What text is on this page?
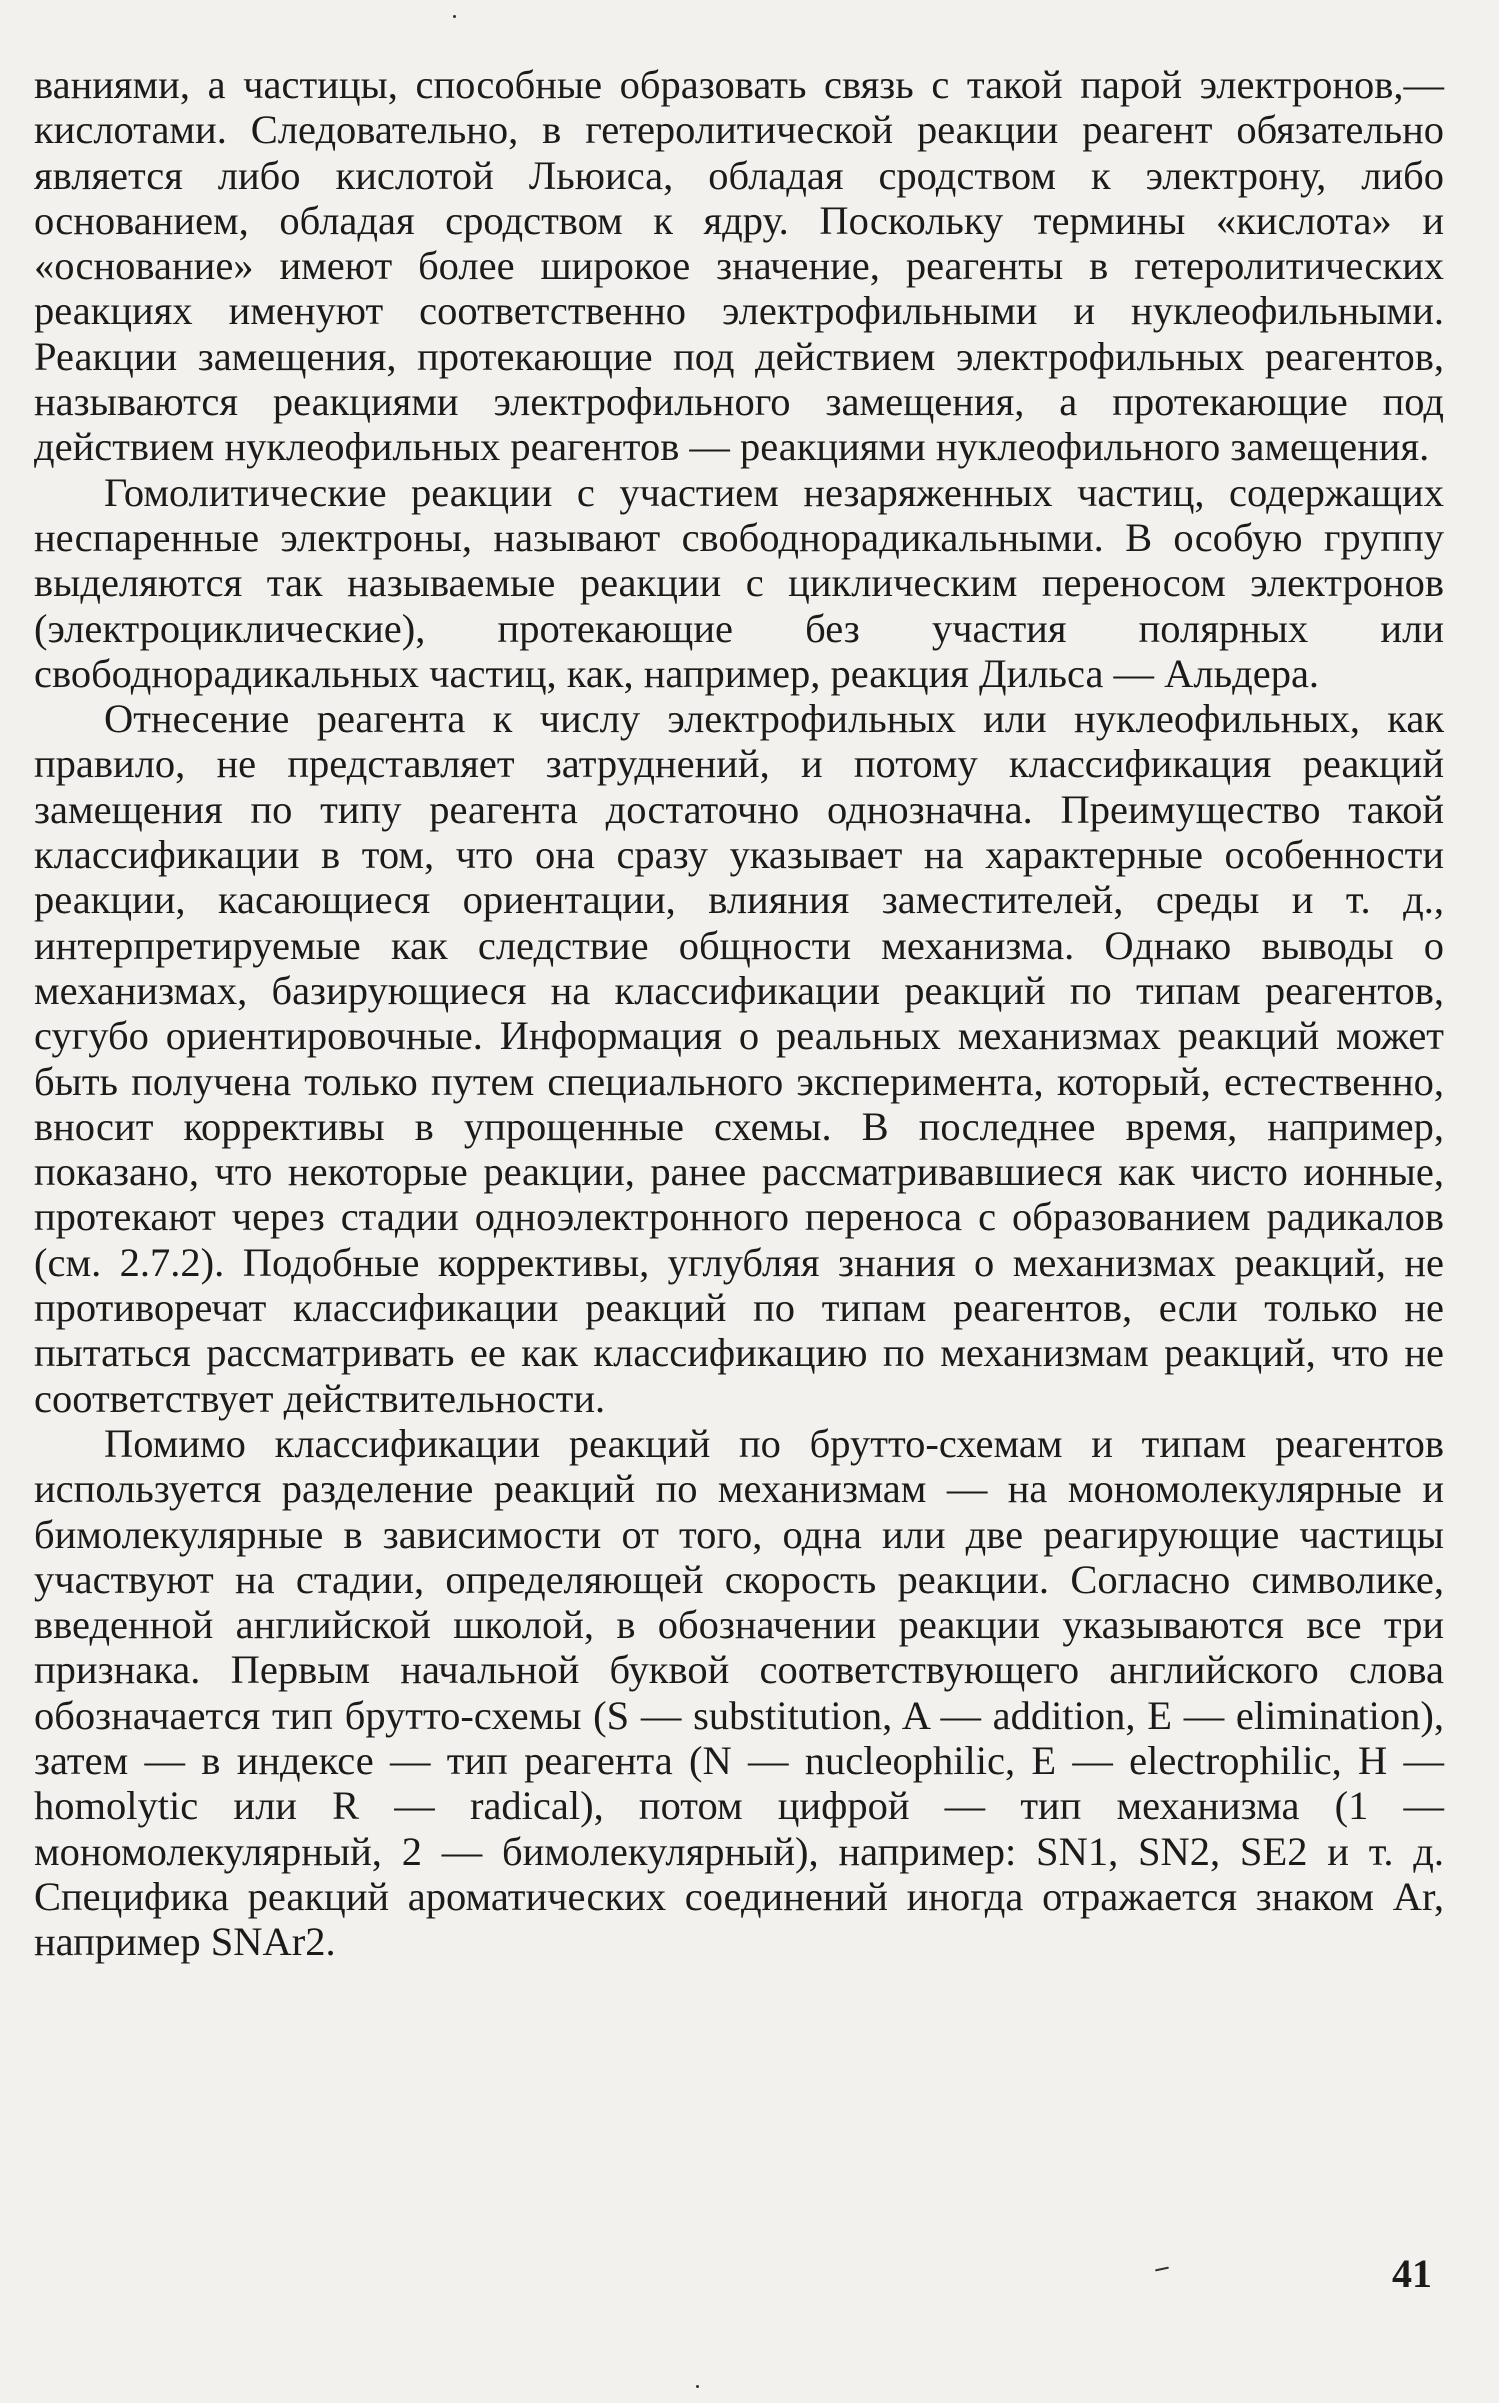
ваниями, а частицы, способные образовать связь с такой парой электронов,— кислотами. Следовательно, в гетеролитической реакции реагент обязательно является либо кислотой Льюиса, обладая сродством к электрону, либо основанием, обладая сродством к ядру. Поскольку термины «кислота» и «основание» имеют более широкое значение, реагенты в гетеролитических реакциях именуют соответственно электрофильными и нуклеофильными. Реакции замещения, протекающие под действием электрофильных реагентов, называются реакциями электрофильного замещения, а протекающие под действием нуклеофильных реагентов — реакциями нуклеофильного замещения.

Гомолитические реакции с участием незаряженных частиц, содержащих неспаренные электроны, называют свободнорадикальными. В особую группу выделяются так называемые реакции с циклическим переносом электронов (электроциклические), протекающие без участия полярных или свободнорадикальных частиц, как, например, реакция Дильса — Альдера.

Отнесение реагента к числу электрофильных или нуклеофильных, как правило, не представляет затруднений, и потому классификация реакций замещения по типу реагента достаточно однозначна. Преимущество такой классификации в том, что она сразу указывает на характерные особенности реакции, касающиеся ориентации, влияния заместителей, среды и т. д., интерпретируемые как следствие общности механизма. Однако выводы о механизмах, базирующиеся на классификации реакций по типам реагентов, сугубо ориентировочные. Информация о реальных механизмах реакций может быть получена только путем специального эксперимента, который, естественно, вносит коррективы в упрощенные схемы. В последнее время, например, показано, что некоторые реакции, ранее рассматривавшиеся как чисто ионные, протекают через стадии одноэлектронного переноса с образованием радикалов (см. 2.7.2). Подобные коррективы, углубляя знания о механизмах реакций, не противоречат классификации реакций по типам реагентов, если только не пытаться рассматривать ее как классификацию по механизмам реакций, что не соответствует действительности.

Помимо классификации реакций по брутто-схемам и типам реагентов используется разделение реакций по механизмам — на мономолекулярные и бимолекулярные в зависимости от того, одна или две реагирующие частицы участвуют на стадии, определяющей скорость реакции. Согласно символике, введенной английской школой, в обозначении реакции указываются все три признака. Первым начальной буквой соответствующего английского слова обозначается тип брутто-схемы (S — substitution, A — addition, E — elimination), затем — в индексе — тип реагента (N — nucleophilic, E — electrophilic, H — homolytic или R — radical), потом цифрой — тип механизма (1 — мономолекулярный, 2 — бимолекулярный), например: SN1, SN2, SE2 и т. д. Специфика реакций ароматических соединений иногда отражается знаком Ar, например SNAr2.

41
